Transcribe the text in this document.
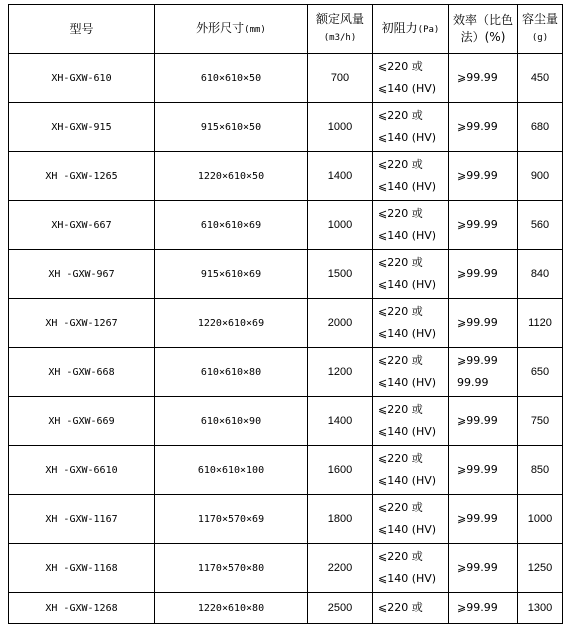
型号	外形尺寸(mm)	额定风量
(m3/h)	初阻力(Pa)	效率（比色
法）(%)	容尘量
(g)
XH-GXW-610	610×610×50	700	⩽220 或
⩽140 (HV)	⩾99.99	450
XH-GXW-915	915×610×50	1000	⩽220 或
⩽140 (HV)	⩾99.99	680
XH -GXW-1265	1220×610×50	1400	⩽220 或
⩽140 (HV)	⩾99.99	900
XH-GXW-667	610×610×69	1000	⩽220 或
⩽140 (HV)	⩾99.99	560
XH -GXW-967	915×610×69	1500	⩽220 或
⩽140 (HV)	⩾99.99	840
XH -GXW-1267	1220×610×69	2000	⩽220 或
⩽140 (HV)	⩾99.99	1120
XH -GXW-668	610×610×80	1200	⩽220 或
⩽140 (HV)	⩾99.99
99.99	650
XH -GXW-669	610×610×90	1400	⩽220 或
⩽140 (HV)	⩾99.99	750
XH -GXW-6610	610×610×100	1600	⩽220 或
⩽140 (HV)	⩾99.99	850
XH -GXW-1167	1170×570×69	1800	⩽220 或
⩽140 (HV)	⩾99.99	1000
XH -GXW-1168	1170×570×80	2200	⩽220 或
⩽140 (HV)	⩾99.99	1250
XH -GXW-1268	1220×610×80	2500	⩽220 或	⩾99.99	1300
